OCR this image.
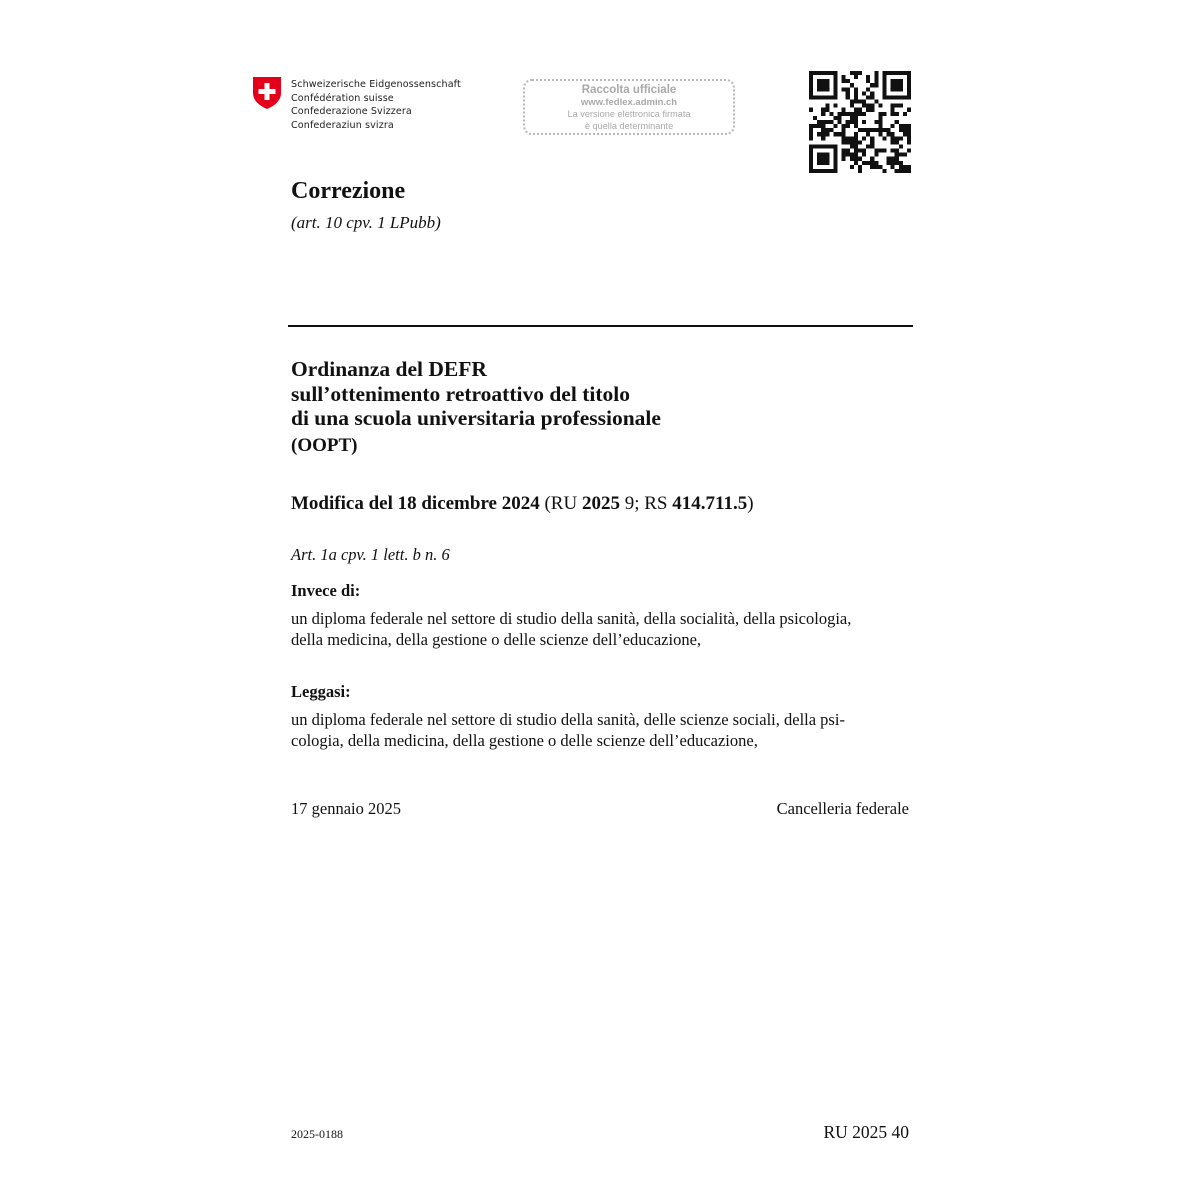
Schweizerische Eidgenossenschaft
Confédération suisse
Confederazione Svizzera
Confederaziun svizra
Raccolta ufficiale
www.fedlex.admin.ch
La versione elettronica firmata
è quella determinante
Correzione
(art. 10 cpv. 1 LPubb)
Ordinanza del DEFR
sull’ottenimento retroattivo del titolo
di una scuola universitaria professionale
(OOPT)
Modifica del 18 dicembre 2024 (RU 2025 9; RS 414.711.5)
Art. 1a cpv. 1 lett. b n. 6
Invece di:
un diploma federale nel settore di studio della sanità, della socialità, della psicologia,
della medicina, della gestione o delle scienze dell’educazione,
Leggasi:
un diploma federale nel settore di studio della sanità, delle scienze sociali, della psi-
cologia, della medicina, della gestione o delle scienze dell’educazione,
17 gennaio 2025	Cancelleria federale
2025-0188	RU 2025 40
